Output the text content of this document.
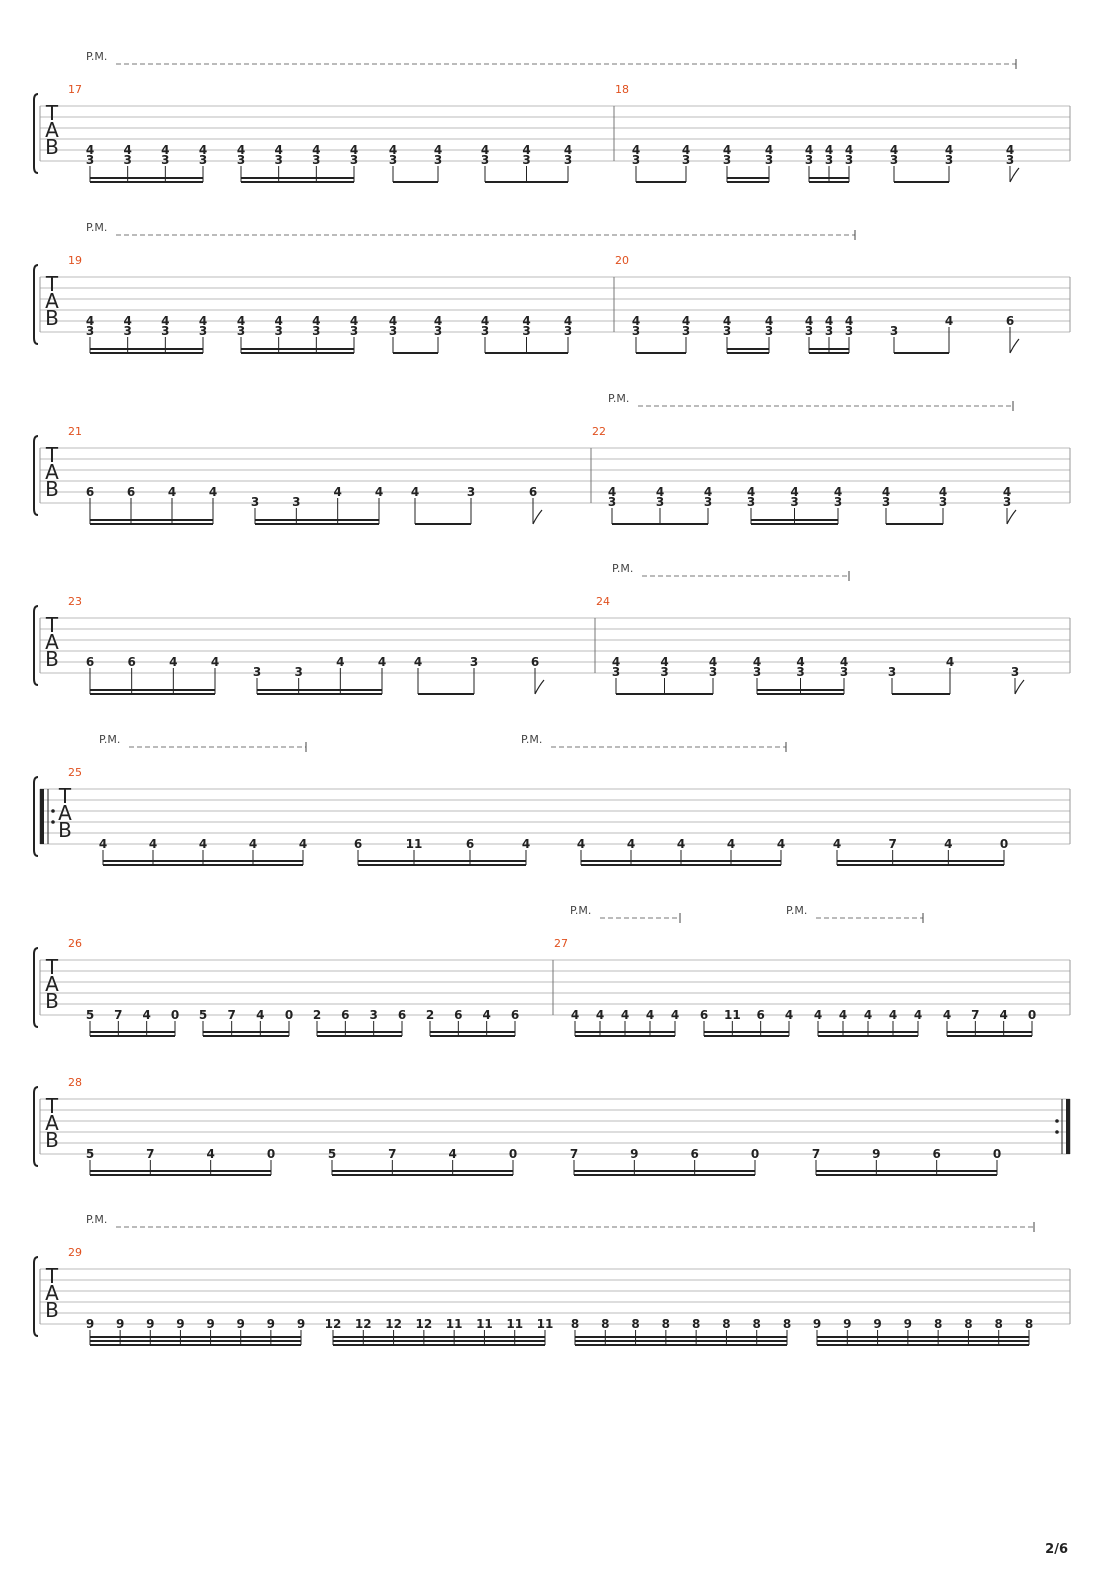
P.M.
T
A
B
17
4
3
4
3
4
3
4
3
4
3
4
3
4
3
4
3
4
3
4
3
4
3
4
3
4
3
18
4
3
4
3
4
3
4
3
4
3
4
3
4
3
4
3
4
3
4
3
P.M.
T
A
B
19
4
3
4
3
4
3
4
3
4
3
4
3
4
3
4
3
4
3
4
3
4
3
4
3
4
3
20
4
3
4
3
4
3
4
3
4
3
4
3
4
3	3
4	6
P.M.
T
A
B
21
6	6	4	4
3	3
4	4 4	3	6
22
4
3
4
3
4
3
4
3
4
3
4
3
4
3
4
3
4
3
P.M.
T
A
B
23
6	6	4	4
3	3
4	4 4	3	6
24
4
3
4
3
4
3
4
3
4
3
4
3	3
4
3
P.M.	P.M.
T
A
B
25
4	4	4	4	4	6	11	6	4	4	4	4	4	4	4	7	4	0
P.M.	P.M.
T
A
B
26
5 7 4 0 5 7 4 0 2 6 3 6 2 6 4 6
27
4 4 4 4 4 6 11 6 4 4 4 4 4 4 4 7 4 0
T
A
B
28
5	7	4	0	5	7	4	0	7	9	6	0	7	9	6	0
P.M.
T
A
B
29
9 9 9 9 9 9 9 9 12 12 12 12 11 11 11 11 8 8 8 8 8 8 8 8 9 9 9 9 8 8 8 8
2/6
